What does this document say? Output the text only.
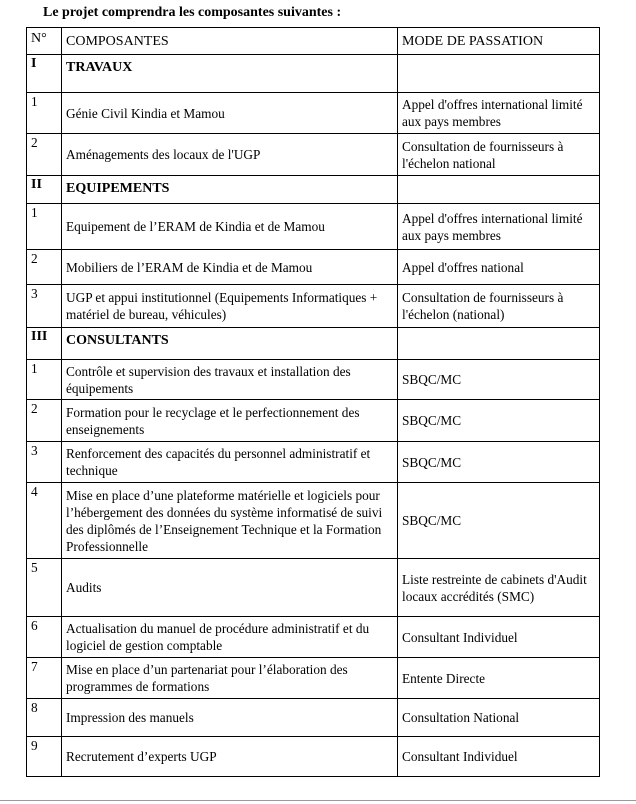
Le projet comprendra les composantes suivantes :
N°	COMPOSANTES	MODE DE PASSATION
I	TRAVAUX	
1	Génie Civil Kindia et Mamou	Appel d'offres international limité aux pays membres
2	Aménagements des locaux de l'UGP	Consultation de fournisseurs à l'échelon national
II	EQUIPEMENTS	
1	Equipement de l’ERAM de Kindia et de Mamou	Appel d'offres international limité aux pays membres
2	Mobiliers de l’ERAM de Kindia et de Mamou	Appel d'offres national
3	UGP et appui institutionnel (Equipements Informatiques + matériel de bureau, véhicules)	Consultation de fournisseurs à l'échelon (national)
III	CONSULTANTS	
1	Contrôle et supervision des travaux et installation des équipements	SBQC/MC
2	Formation pour le recyclage et le perfectionnement des enseignements	SBQC/MC
3	Renforcement des capacités du personnel administratif et technique	SBQC/MC
4	Mise en place d’une plateforme matérielle et logiciels pour l’hébergement des données du système informatisé de suivi des diplômés de l’Enseignement Technique et la Formation Professionnelle	SBQC/MC
5	Audits	Liste restreinte de cabinets d'Audit locaux accrédités (SMC)
6	Actualisation du manuel de procédure administratif et du logiciel de gestion comptable	Consultant Individuel
7	Mise en place d’un partenariat pour l’élaboration des programmes de formations	Entente Directe
8	Impression des manuels	Consultation National
9	Recrutement d’experts UGP	Consultant Individuel
